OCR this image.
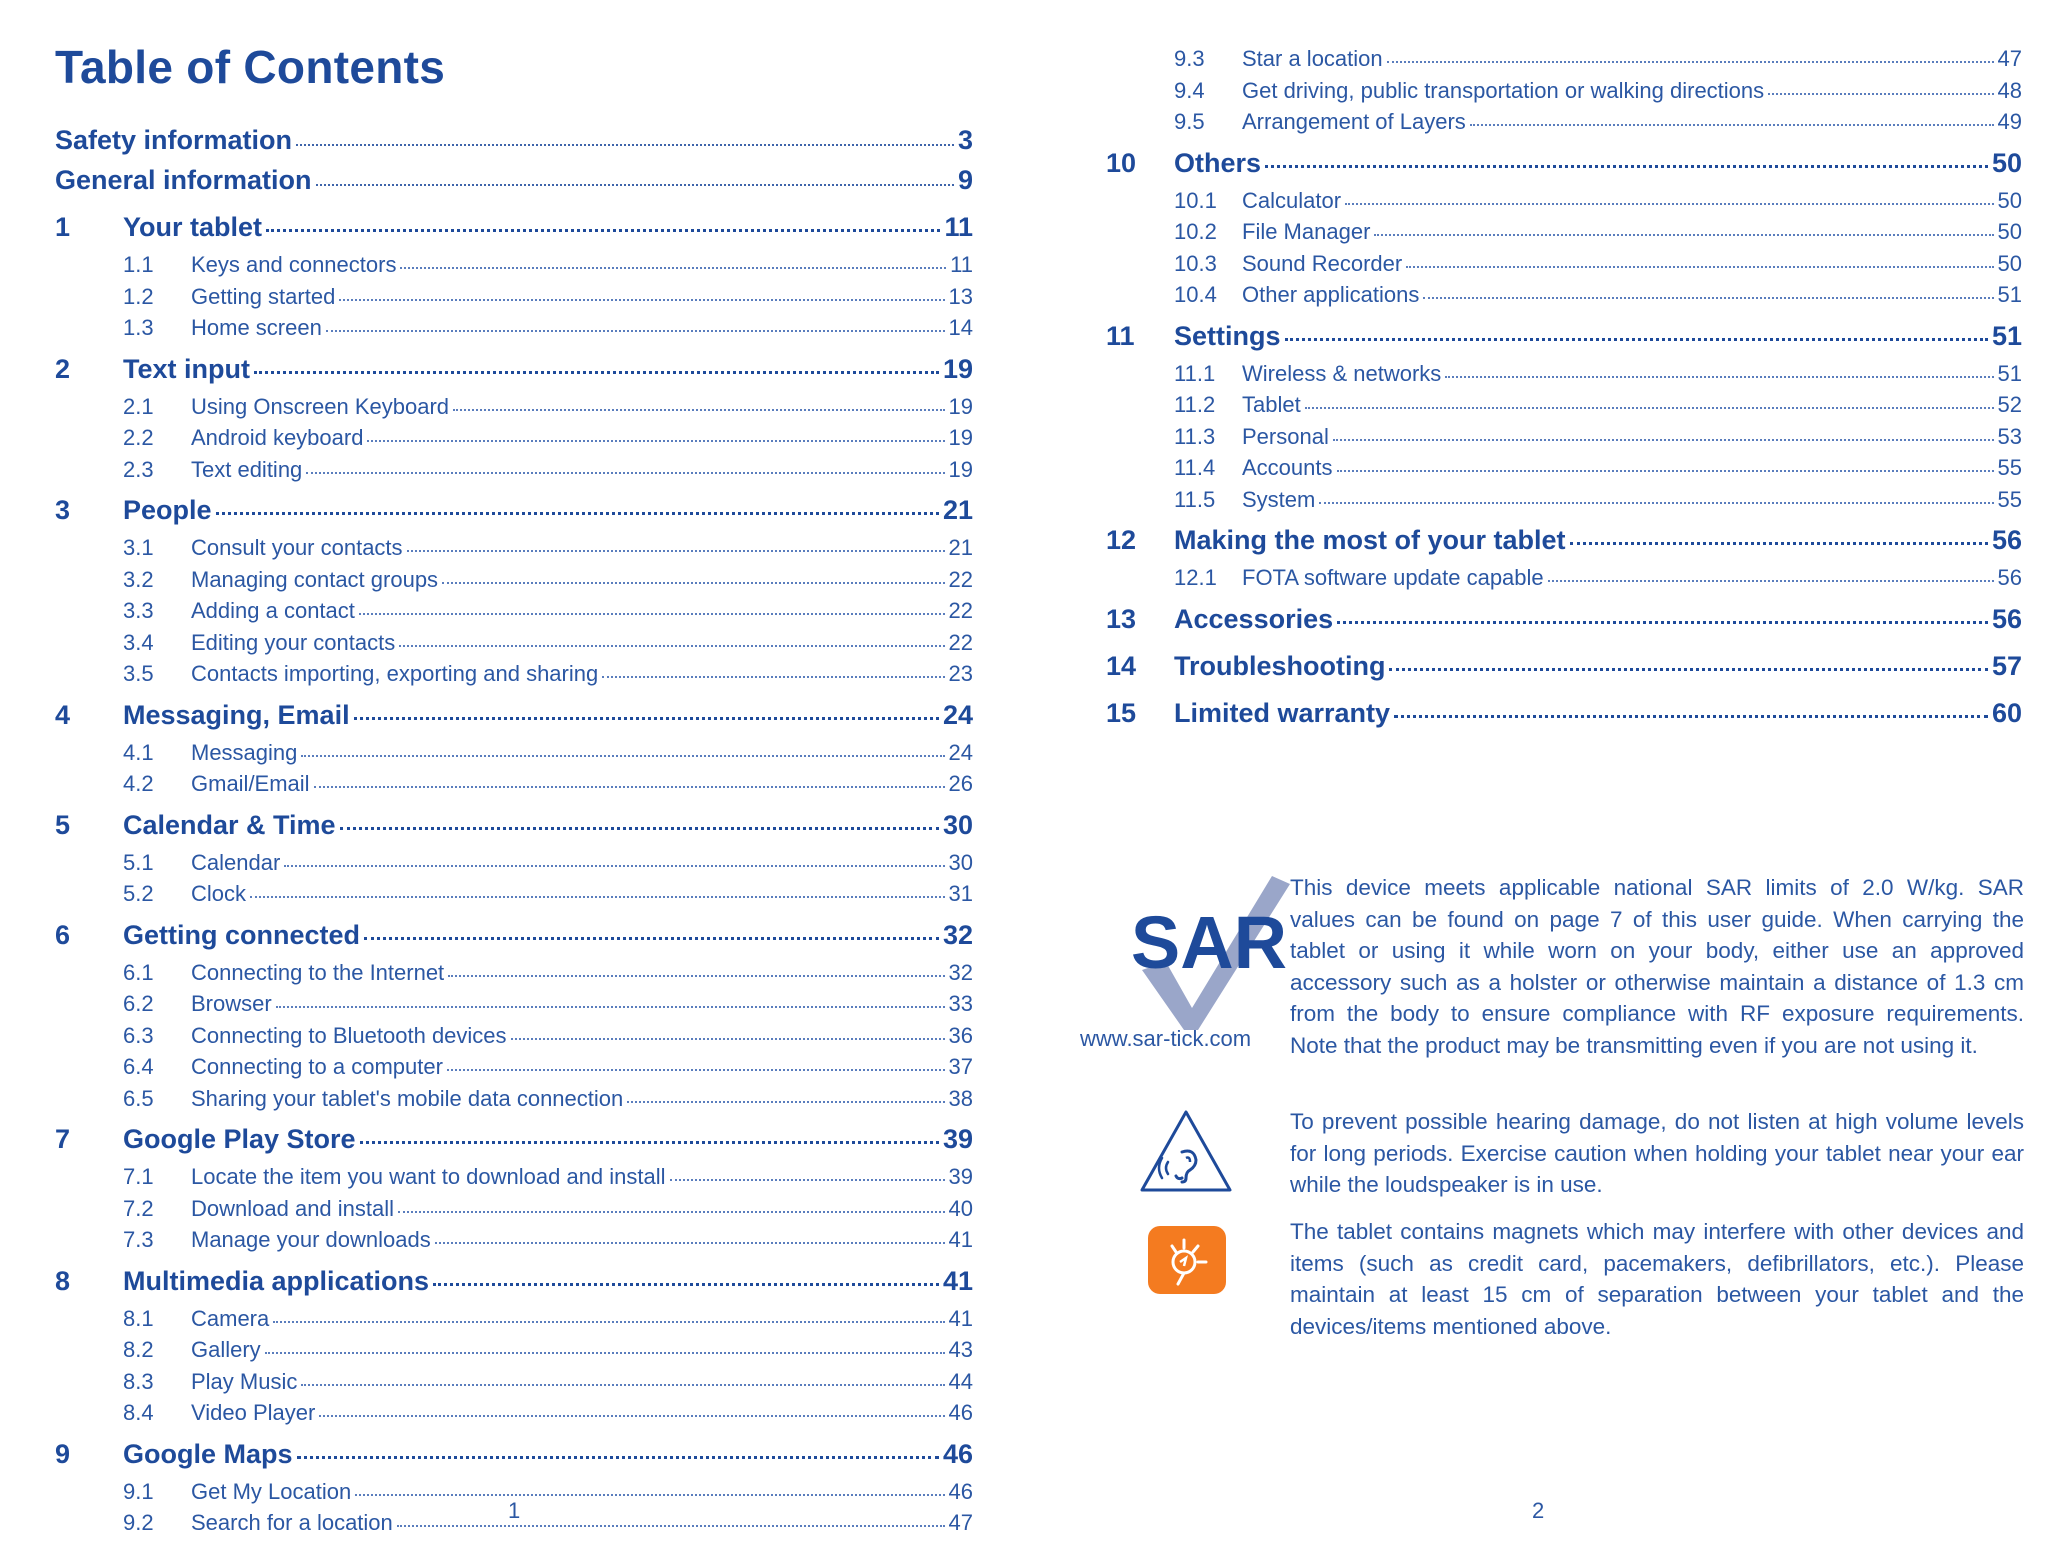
Table of Contents
Safety information	3
General information	9
1	Your tablet	11
1.1	Keys and connectors	11
1.2	Getting started	13
1.3	Home screen	14
2	Text input	19
2.1	Using Onscreen Keyboard	19
2.2	Android keyboard	19
2.3	Text editing	19
3	People	21
3.1	Consult your contacts	21
3.2	Managing contact groups	22
3.3	Adding a contact	22
3.4	Editing your contacts	22
3.5	Contacts importing, exporting and sharing	23
4	Messaging, Email	24
4.1	Messaging	24
4.2	Gmail/Email	26
5	Calendar & Time	30
5.1	Calendar	30
5.2	Clock	31
6	Getting connected	32
6.1	Connecting to the Internet	32
6.2	Browser	33
6.3	Connecting to Bluetooth devices	36
6.4	Connecting to a computer	37
6.5	Sharing your tablet's mobile data connection	38
7	Google Play Store	39
7.1	Locate the item you want to download and install	39
7.2	Download and install	40
7.3	Manage your downloads	41
8	Multimedia applications	41
8.1	Camera	41
8.2	Gallery	43
8.3	Play Music	44
8.4	Video Player	46
9	Google Maps	46
9.1	Get My Location	46
9.2	Search for a location	47
1
9.3	Star a location	47
9.4	Get driving, public transportation or walking directions	48
9.5	Arrangement of Layers	49
10	Others	50
10.1	Calculator	50
10.2	File Manager	50
10.3	Sound Recorder	50
10.4	Other applications	51
11	Settings	51
11.1	Wireless & networks	51
11.2	Tablet	52
11.3	Personal	53
11.4	Accounts	55
11.5	System	55
12	Making the most of your tablet	56
12.1	FOTA software update capable	56
13	Accessories	56
14	Troubleshooting	57
15	Limited warranty	60
SAR
www.sar-tick.com

This device meets applicable national SAR limits of 2.0 W/kg. SAR values can be found on page 7 of this user guide. When carrying the tablet or using it while worn on your body, either use an approved accessory such as a holster or otherwise maintain a distance of 1.3 cm from the body to ensure compliance with RF exposure requirements. Note that the product may be transmitting even if you are not using it.

To prevent possible hearing damage, do not listen at high volume levels for long periods. Exercise caution when holding your tablet near your ear while the loudspeaker is in use.

The tablet contains magnets which may interfere with other devices and items (such as credit card, pacemakers, defibrillators, etc.). Please maintain at least 15 cm of separation between your tablet and the devices/items mentioned above.

2
